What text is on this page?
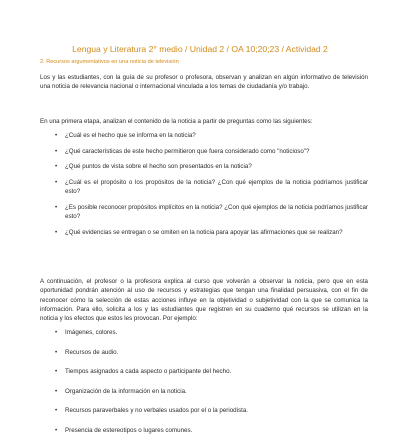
Lengua y Literatura 2° medio / Unidad 2 / OA 10;20;23 / Actividad 2
2. Recursos argumentativos en una noticia de televisión

Los y las estudiantes, con la guía de su profesor o profesora, observan y analizan en algún informativo de televisión una noticia de relevancia nacional o internacional vinculada a los temas de ciudadanía y/o trabajo.

En una primera etapa, analizan el contenido de la noticia a partir de preguntas como las siguientes:

• ¿Cuál es el hecho que se informa en la noticia?
• ¿Qué características de este hecho permitieron que fuera considerado como "noticioso"?
• ¿Qué puntos de vista sobre el hecho son presentados en la noticia?
• ¿Cuál es el propósito o los propósitos de la noticia? ¿Con qué ejemplos de la noticia podríamos justificar esto?
• ¿Es posible reconocer propósitos implícitos en la noticia? ¿Con qué ejemplos de la noticia podríamos justificar esto?
• ¿Qué evidencias se entregan o se omiten en la noticia para apoyar las afirmaciones que se realizan?

A continuación, el profesor o la profesora explica al curso que volverán a observar la noticia, pero que en esta oportunidad pondrán atención al uso de recursos y estrategias que tengan una finalidad persuasiva, con el fin de reconocer cómo la selección de estas acciones influye en la objetividad o subjetividad con la que se comunica la información. Para ello, solicita a los y las estudiantes que registren en su cuaderno qué recursos se utilizan en la noticia y los efectos que estos les provocan. Por ejemplo:

• Imágenes, colores.
• Recursos de audio.
• Tiempos asignados a cada aspecto o participante del hecho.
• Organización de la información en la noticia.
• Recursos paraverbales y no verbales usados por el o la periodista.
• Presencia de estereotipos o lugares comunes.
